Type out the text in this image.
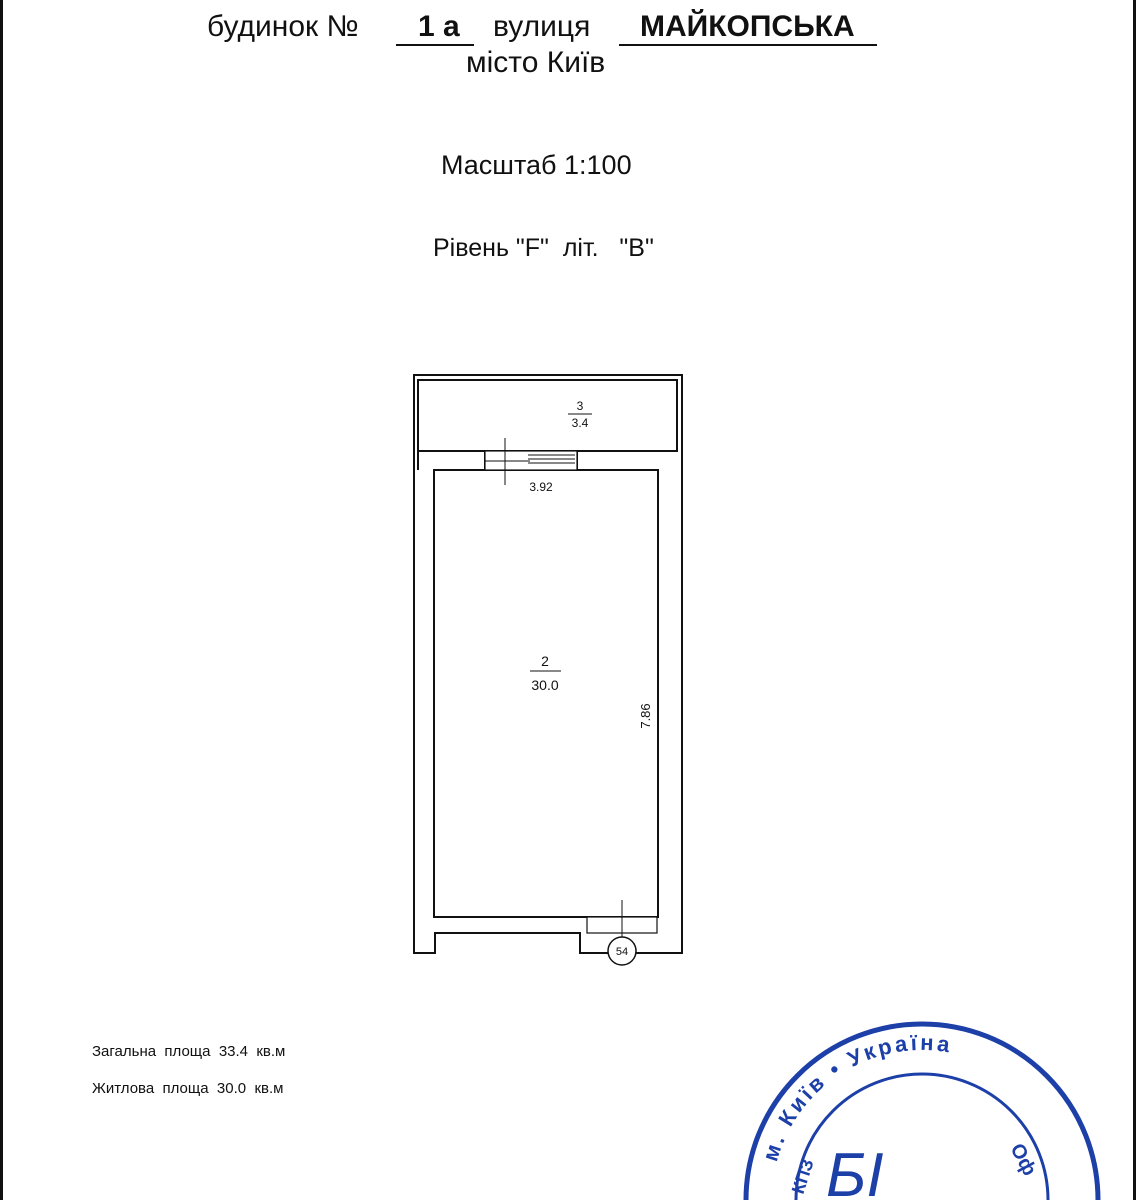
будинок № 1 а вулиця МАЙКОПСЬКА
місто Київ
Масштаб 1:100
Рівень "F"  літ.   "B"
54
3
3.4
2
30.0
3.92
7.86
Загальна  площа  33.4  кв.м
Житлова  площа  30.0  кв.м
м. Київ • Україна
Оф
КПЗ БІ
